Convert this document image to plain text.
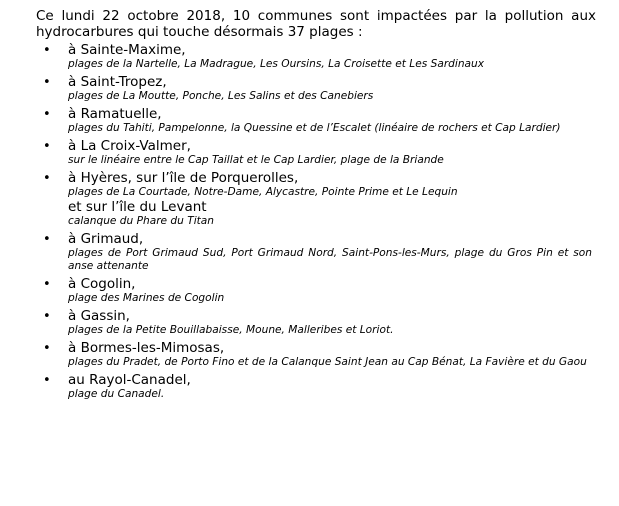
Ce lundi 22 octobre 2018, 10 communes sont impactées par la pollution aux hydrocarbures qui touche désormais 37 plages :

• à Sainte-Maxime,
plages de la Nartelle, La Madrague, Les Oursins, La Croisette et Les Sardinaux
• à Saint-Tropez,
plages de La Moutte, Ponche, Les Salins et des Canebiers
• à Ramatuelle,
plages du Tahiti, Pampelonne, la Quessine et de l’Escalet (linéaire de rochers et Cap Lardier)
• à La Croix-Valmer,
sur le linéaire entre le Cap Taillat et le Cap Lardier, plage de la Briande
• à Hyères, sur l’île de Porquerolles,
plages de La Courtade, Notre-Dame, Alycastre, Pointe Prime et Le Lequin
et sur l’île du Levant
calanque du Phare du Titan
• à Grimaud,
plages de Port Grimaud Sud, Port Grimaud Nord, Saint-Pons-les-Murs, plage du Gros Pin et son anse attenante
• à Cogolin,
plage des Marines de Cogolin
• à Gassin,
plages de la Petite Bouillabaisse, Moune, Malleribes et Loriot.
• à Bormes-les-Mimosas,
plages du Pradet, de Porto Fino et de la Calanque Saint Jean au Cap Bénat, La Favière et du Gaou
• au Rayol-Canadel,
plage du Canadel.
